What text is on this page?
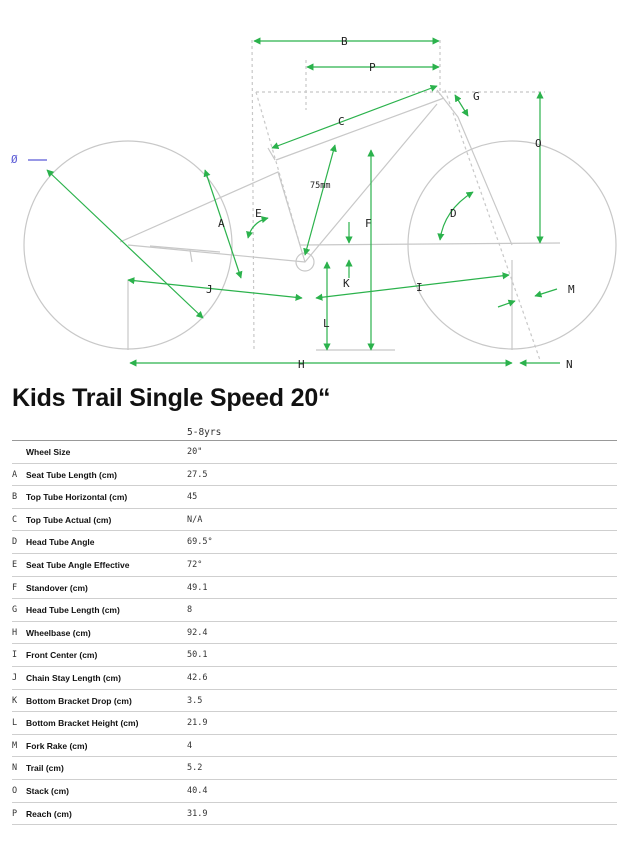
B
P
G
C
O
75mm
E	D
A	F
K
J	I	M
L
H	N
Ø
Kids Trail Single Speed 20“
5-8yrs
Wheel Size	20"
A Seat Tube Length (cm)	27.5
B Top Tube Horizontal (cm)	45
C Top Tube Actual (cm)	N/A
D Head Tube Angle	69.5°
E Seat Tube Angle Effective	72°
F Standover (cm)	49.1
G Head Tube Length (cm)	8
H Wheelbase (cm)	92.4
I Front Center (cm)	50.1
J Chain Stay Length (cm)	42.6
K Bottom Bracket Drop (cm)	3.5
L Bottom Bracket Height (cm)	21.9
M Fork Rake (cm)	4
N Trail (cm)	5.2
O Stack (cm)	40.4
P Reach (cm)	31.9
